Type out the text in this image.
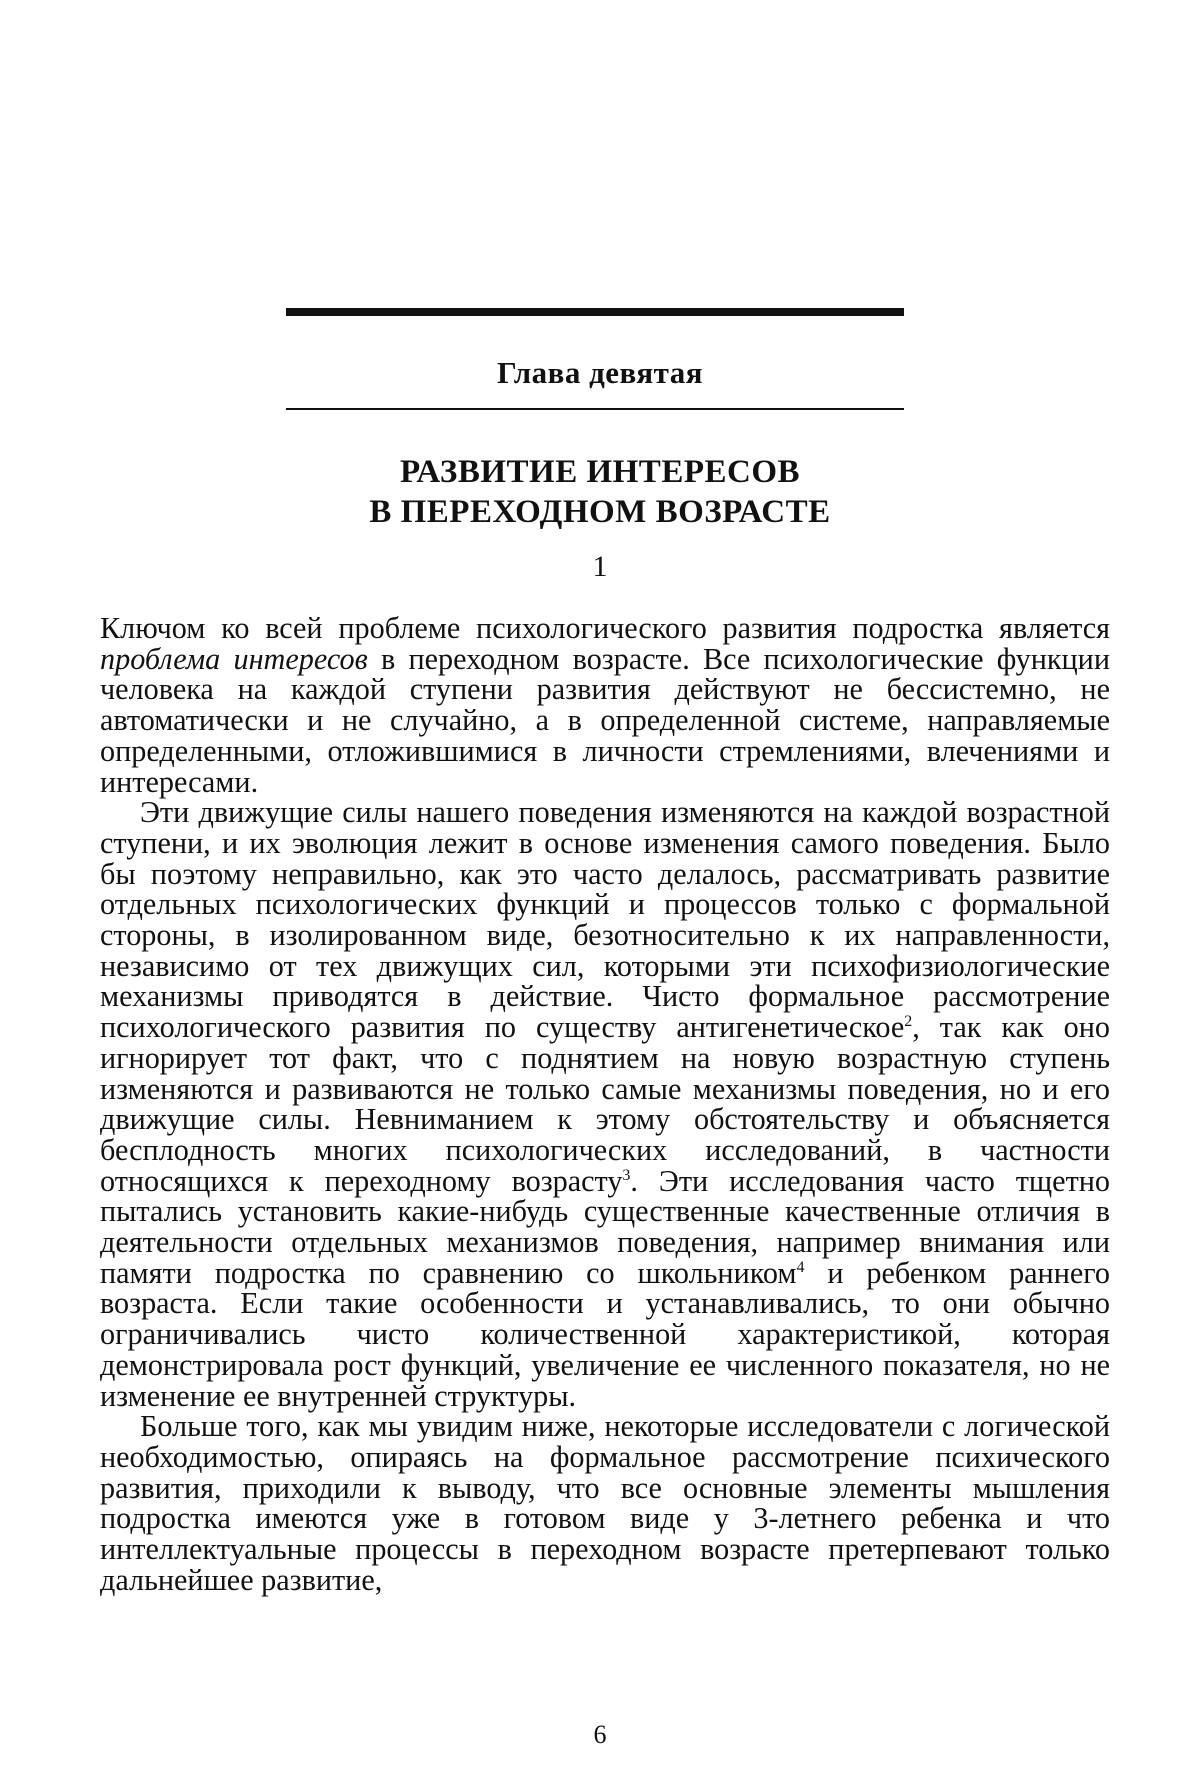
Глава девятая
РАЗВИТИЕ ИНТЕРЕСОВ
В ПЕРЕХОДНОМ ВОЗРАСТЕ
1

Ключом ко всей проблеме психологического развития подростка является проблема интересов в переходном возрасте. Все психологические функции человека на каждой ступени развития действуют не бессистемно, не автоматически и не случайно, а в определенной системе, направляемые определенными, отложившимися в личности стремлениями, влечениями и интересами.

Эти движущие силы нашего поведения изменяются на каждой возрастной ступени, и их эволюция лежит в основе изменения самого поведения. Было бы поэтому неправильно, как это часто делалось, рассматривать развитие отдельных психологических функций и процессов только с формальной стороны, в изолированном виде, безотносительно к их направленности, независимо от тех движущих сил, которыми эти психофизиологические механизмы приводятся в действие. Чисто формальное рассмотрение психологического развития по существу антигенетическое$^2$, так как оно игнорирует тот факт, что с поднятием на новую возрастную ступень изменяются и развиваются не только самые механизмы поведения, но и его движущие силы. Невниманием к этому обстоятельству и объясняется бесплодность многих психологических исследований, в частности относящихся к переходному возрасту$^3$. Эти исследования часто тщетно пытались установить какие-нибудь существенные качественные отличия в деятельности отдельных механизмов поведения, например внимания или памяти подростка по сравнению со школьником$^4$ и ребенком раннего возраста. Если такие особенности и устанавливались, то они обычно ограничивались чисто количественной характеристикой, которая демонстрировала рост функций, увеличение ее численного показателя, но не изменение ее внутренней структуры.

Больше того, как мы увидим ниже, некоторые исследователи с логической необходимостью, опираясь на формальное рассмотрение психического развития, приходили к выводу, что все основные элементы мышления подростка имеются уже в готовом виде у 3-летнего ребенка и что интеллектуальные процессы в переходном возрасте претерпевают только дальнейшее развитие,

6
